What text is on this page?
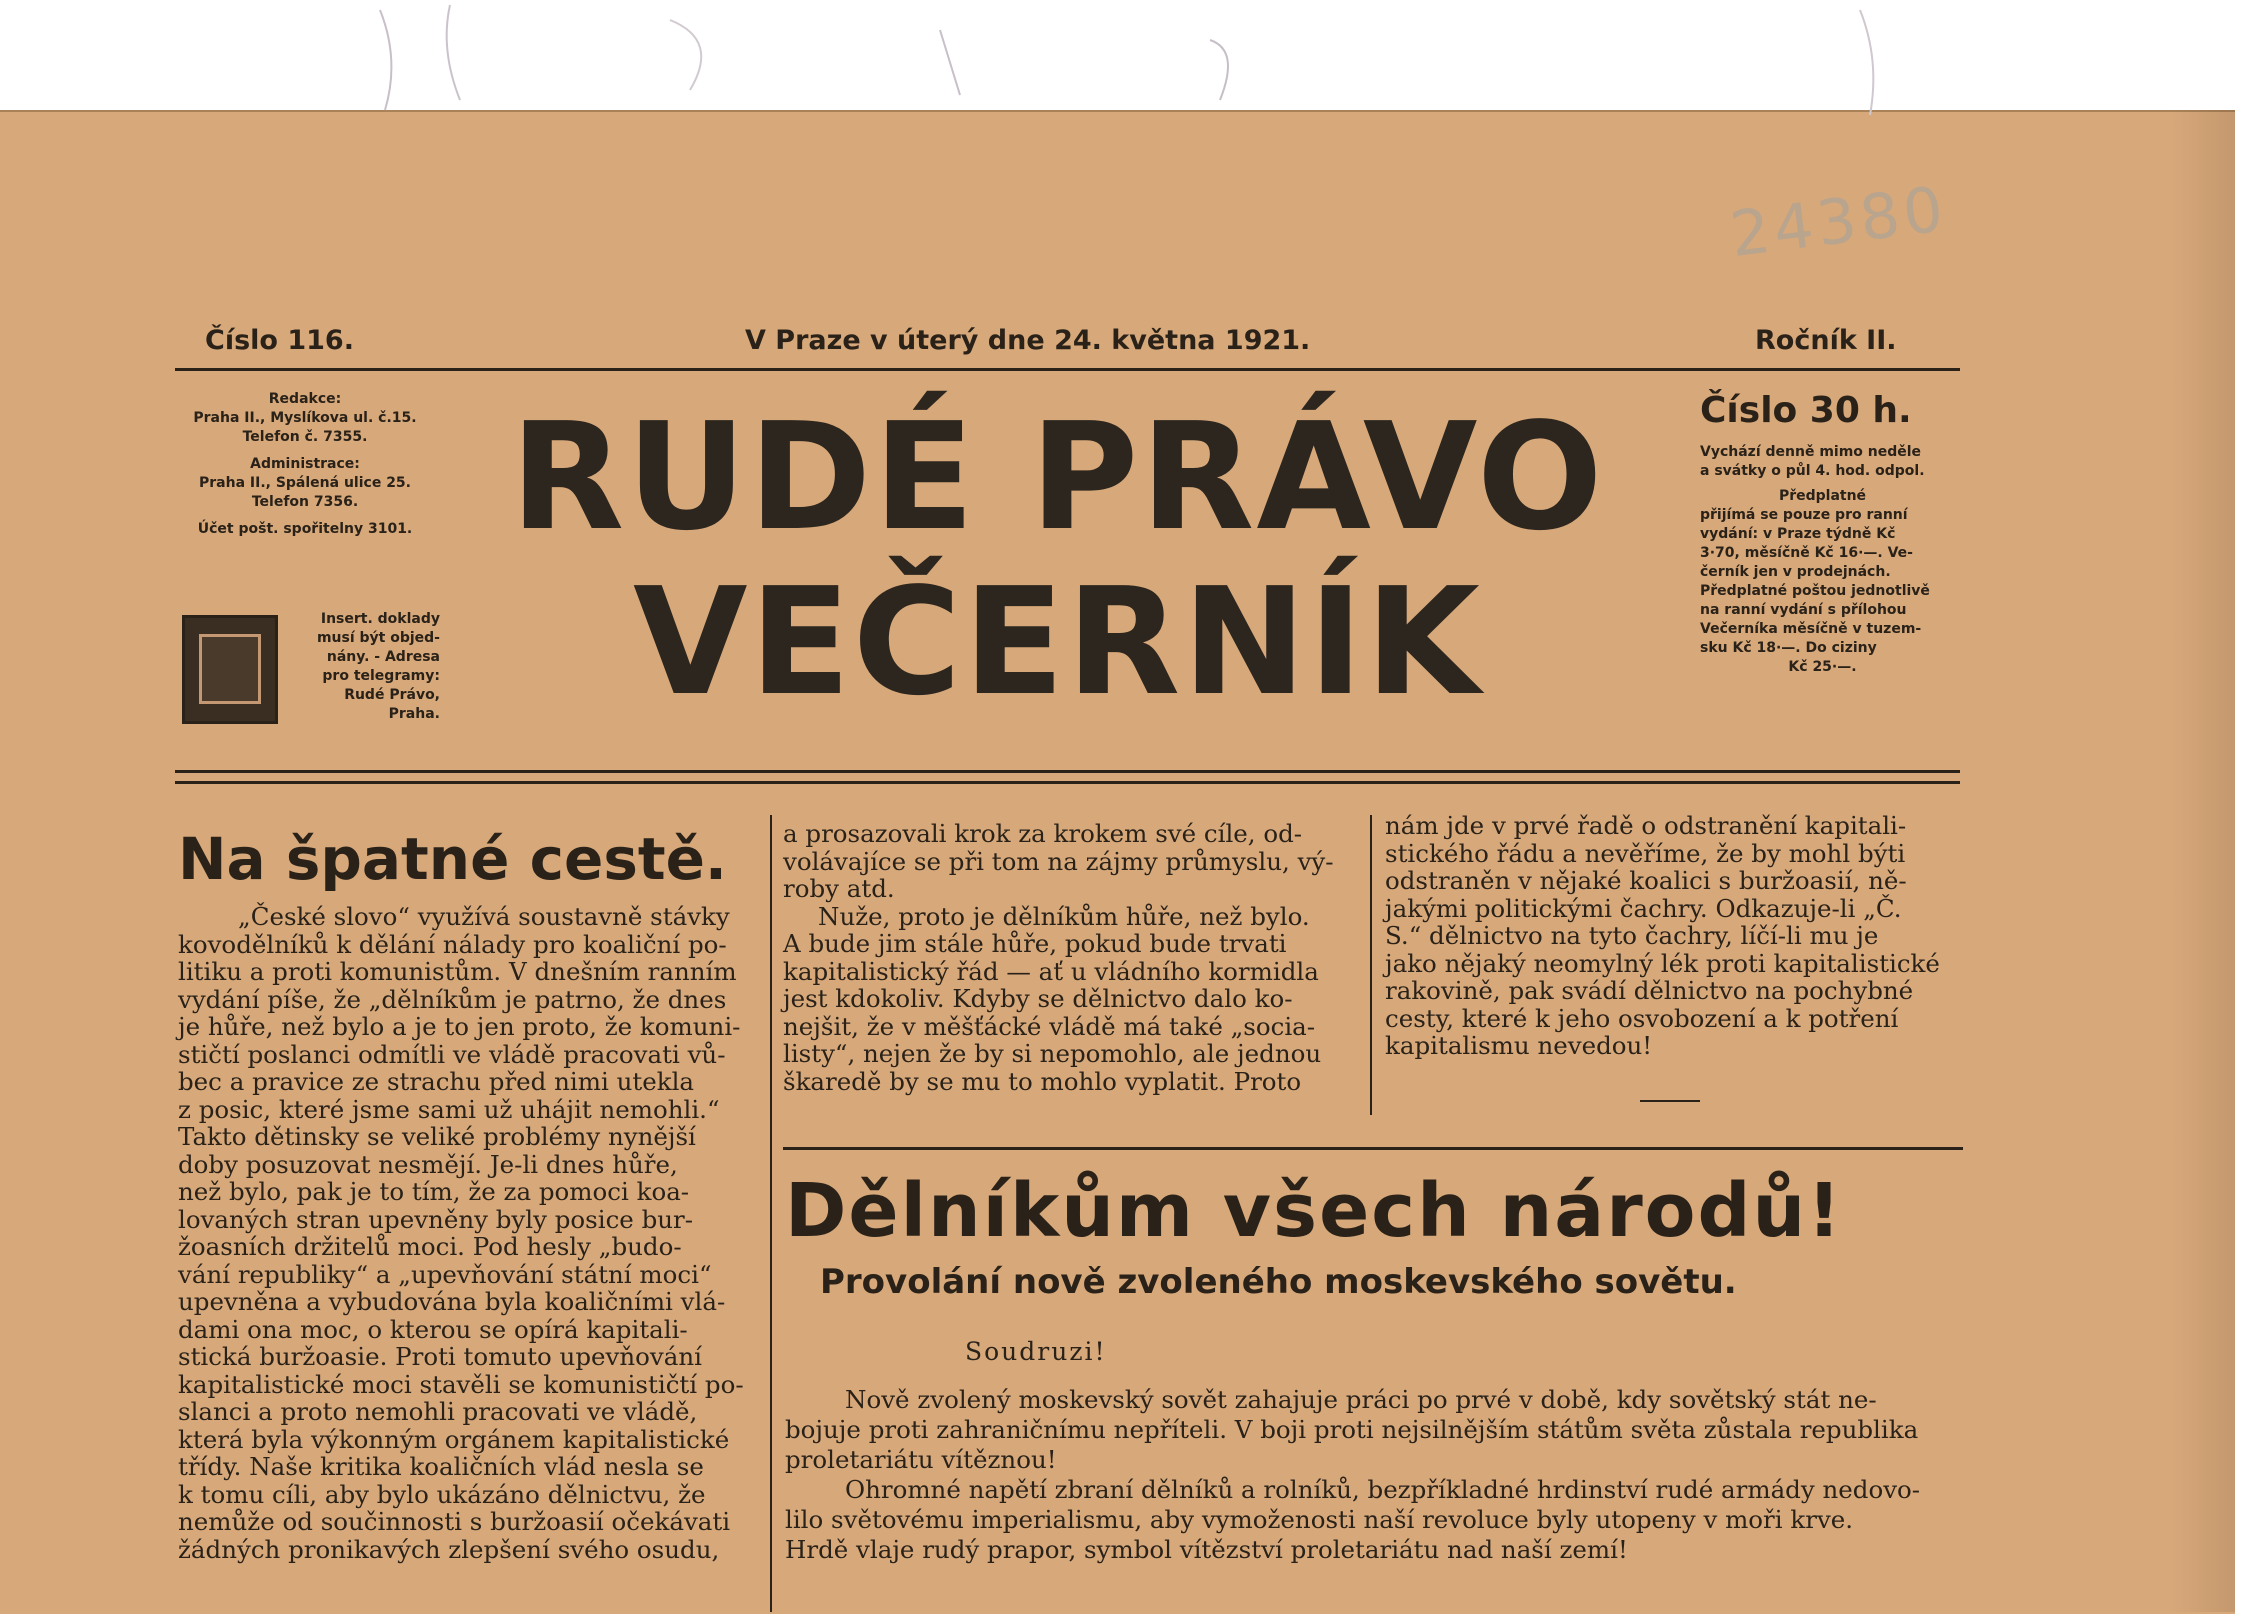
24380
Číslo 116.	V Praze v úterý dne 24. května 1921.	Ročník II.
Redakce:
Praha II., Myslíkova ul. č.15.
Telefon č. 7355.
Administrace:
Praha II., Spálená ulice 25.
Telefon 7356.
Účet pošt. spořitelny 3101.
Insert. doklady
musí být objed-
nány. - Adresa
pro telegramy:
Rudé Právo,
Praha.
RUDÉ PRÁVO
VEČERNÍK
Číslo 30 h.
Vychází denně mimo neděle
a svátky o půl 4. hod. odpol.
Předplatné
přijímá se pouze pro ranní
vydání: v Praze týdně Kč
3·70, měsíčně Kč 16·—. Ve-
černík jen v prodejnách.
Předplatné poštou jednotlivě
na ranní vydání s přílohou
Večerníka měsíčně v tuzem-
sku Kč 18·—. Do ciziny
Kč 25·—.
Na špatné cestě.
„České slovo“ využívá soustavně stávky
kovodělníků k dělání nálady pro koaliční po-
litiku a proti komunistům. V dnešním ranním
vydání píše, že „dělníkům je patrno, že dnes
je hůře, než bylo a je to jen proto, že komuni-
stičtí poslanci odmítli ve vládě pracovati vů-
bec a pravice ze strachu před nimi utekla
z posic, které jsme sami už uhájit nemohli.“
Takto dětinsky se veliké problémy nynější
doby posuzovat nesmějí. Je-li dnes hůře,
než bylo, pak je to tím, že za pomoci koa-
lovaných stran upevněny byly posice bur-
žoasních držitelů moci. Pod hesly „budo-
vání republiky“ a „upevňování státní moci“
upevněna a vybudována byla koaličními vlá-
dami ona moc, o kterou se opírá kapitali-
stická buržoasie. Proti tomuto upevňování
kapitalistické moci stavěli se komunističtí po-
slanci a proto nemohli pracovati ve vládě,
která byla výkonným orgánem kapitalistické
třídy. Naše kritika koaličních vlád nesla se
k tomu cíli, aby bylo ukázáno dělnictvu, že
nemůže od součinnosti s buržoasií očekávati
žádných pronikavých zlepšení svého osudu,
a prosazovali krok za krokem své cíle, od-
volávajíce se při tom na zájmy průmyslu, vý-
roby atd.
Nuže, proto je dělníkům hůře, než bylo.
A bude jim stále hůře, pokud bude trvati
kapitalistický řád — ať u vládního kormidla
jest kdokoliv. Kdyby se dělnictvo dalo ko-
nejšit, že v měšťácké vládě má také „socia-
listy“, nejen že by si nepomohlo, ale jednou
škaredě by se mu to mohlo vyplatit. Proto
nám jde v prvé řadě o odstranění kapitali-
stického řádu a nevěříme, že by mohl býti
odstraněn v nějaké koalici s buržoasií, ně-
jakými politickými čachry. Odkazuje-li „Č.
S.“ dělnictvo na tyto čachry, líčí-li mu je
jako nějaký neomylný lék proti kapitalistické
rakovině, pak svádí dělnictvo na pochybné
cesty, které k jeho osvobození a k potření
kapitalismu nevedou!
Dělníkům všech národů!
Provolání nově zvoleného moskevského sovětu.
Soudruzi!
Nově zvolený moskevský sovět zahajuje práci po prvé v době, kdy sovětský stát ne-
bojuje proti zahraničnímu nepříteli. V boji proti nejsilnějším státům světa zůstala republika
proletariátu vítěznou!
Ohromné napětí zbraní dělníků a rolníků, bezpříkladné hrdinství rudé armády nedovo-
lilo světovému imperialismu, aby vymoženosti naší revoluce byly utopeny v moři krve.
Hrdě vlaje rudý prapor, symbol vítězství proletariátu nad naší zemí!
